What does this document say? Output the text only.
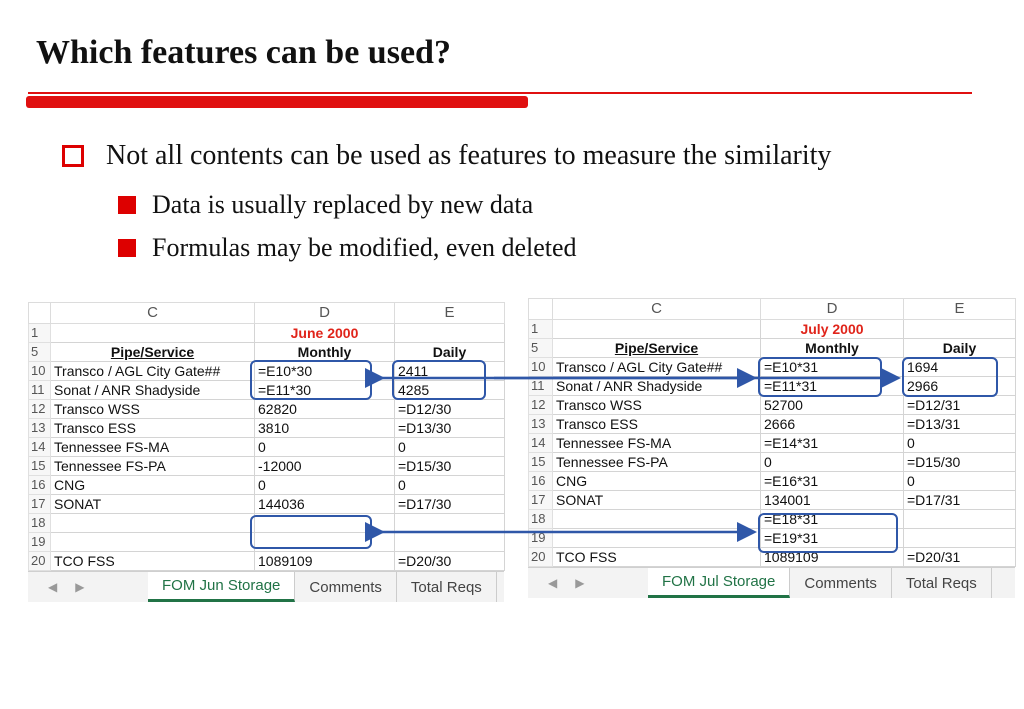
Which features can be used?
Not all contents can be used as features to measure the similarity
Data is usually replaced by new data
Formulas may be modified, even deleted
	C	D	E
1		June 2000	
5	Pipe/Service	Monthly	Daily
10	Transco / AGL City Gate##	=E10*30	2411
11	Sonat / ANR Shadyside	=E11*30	4285
12	Transco WSS	62820	=D12/30
13	Transco ESS	3810	=D13/30
14	Tennessee FS-MA	0	0
15	Tennessee FS-PA	-12000	=D15/30
16	CNG	0	0
17	SONAT	144036	=D17/30
18			
19			
20	TCO FSS	1089109	=D20/30
◀ ▶	FOM Jun Storage	Comments	Total Reqs
	C	D	E
1		July 2000	
5	Pipe/Service	Monthly	Daily
10	Transco / AGL City Gate##	=E10*31	1694
11	Sonat / ANR Shadyside	=E11*31	2966
12	Transco WSS	52700	=D12/31
13	Transco ESS	2666	=D13/31
14	Tennessee FS-MA	=E14*31	0
15	Tennessee FS-PA	0	=D15/30
16	CNG	=E16*31	0
17	SONAT	134001	=D17/31
18		=E18*31	
19		=E19*31	
20	TCO FSS	1089109	=D20/31
◀ ▶	FOM Jul Storage	Comments	Total Reqs
